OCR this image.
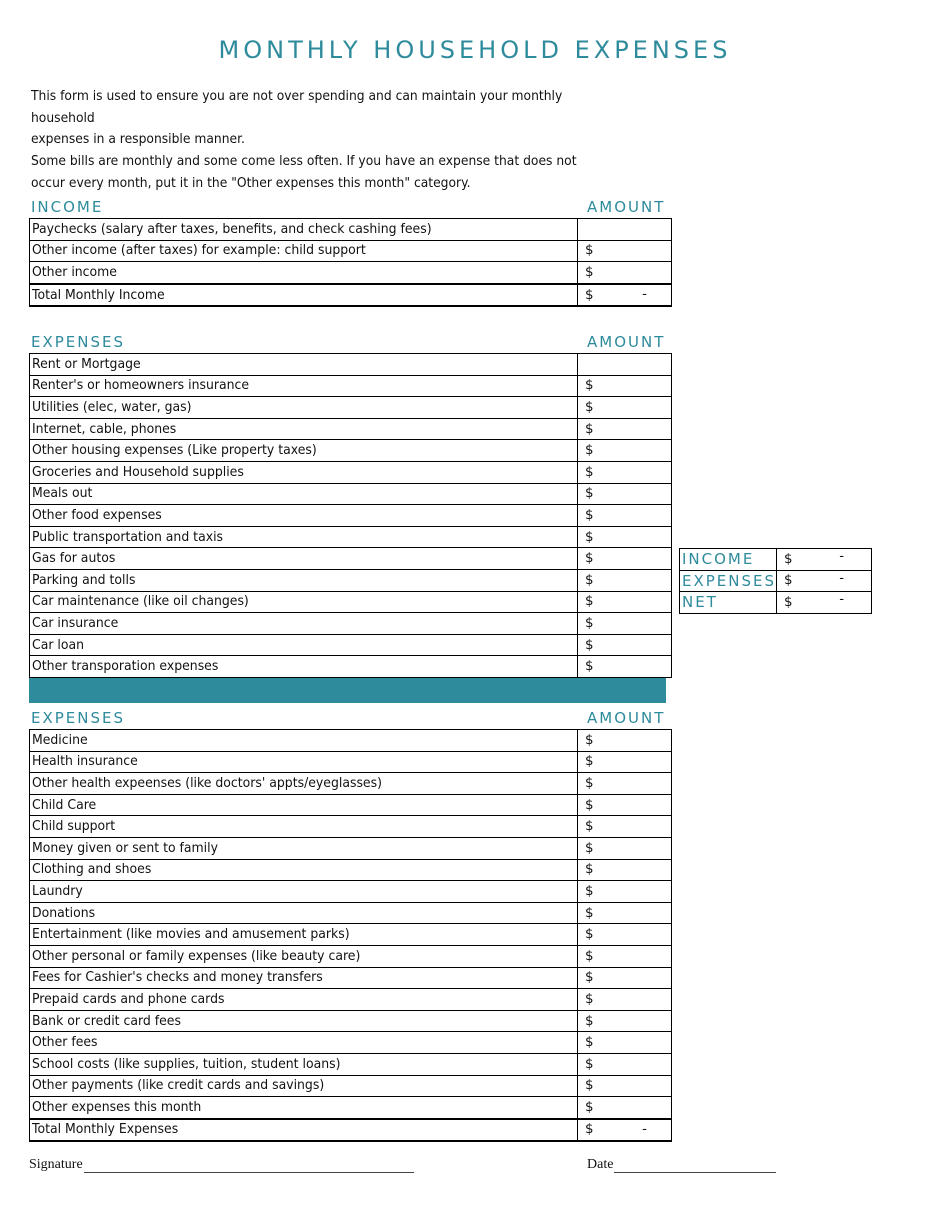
MONTHLY HOUSEHOLD EXPENSES

This form is used to ensure you are not over spending and can maintain your monthly household

expenses in a responsible manner.

Some bills are monthly and some come less often. If you have an expense that does not

occur every month, put it in the "Other expenses this month" category.

INCOME	AMOUNT
Paychecks (salary after taxes, benefits, and check cashing fees)	
Other income (after taxes) for example: child support	$
Other income	$
Total Monthly Income	$ -
EXPENSES	AMOUNT
Rent or Mortgage	
Renter's or homeowners insurance	$
Utilities (elec, water, gas)	$
Internet, cable, phones	$
Other housing expenses (Like property taxes)	$
Groceries and Household supplies	$
Meals out	$
Other food expenses	$
Public transportation and taxis	$
Gas for autos	$
Parking and tolls	$
Car maintenance (like oil changes)	$
Car insurance	$
Car loan	$
Other transporation expenses	$
EXPENSES	AMOUNT
Medicine	$
Health insurance	$
Other health expeenses (like doctors' appts/eyeglasses)	$
Child Care	$
Child support	$
Money given or sent to family	$
Clothing and shoes	$
Laundry	$
Donations	$
Entertainment (like movies and amusement parks)	$
Other personal or family expenses (like beauty care)	$
Fees for Cashier's checks and money transfers	$
Prepaid cards and phone cards	$
Bank or credit card fees	$
Other fees	$
School costs (like supplies, tuition, student loans)	$
Other payments (like credit cards and savings)	$
Other expenses this month	$
Total Monthly Expenses	$ -
INCOME	$ -

EXPENSES	$ -

NET	$ -
Signature	Date
